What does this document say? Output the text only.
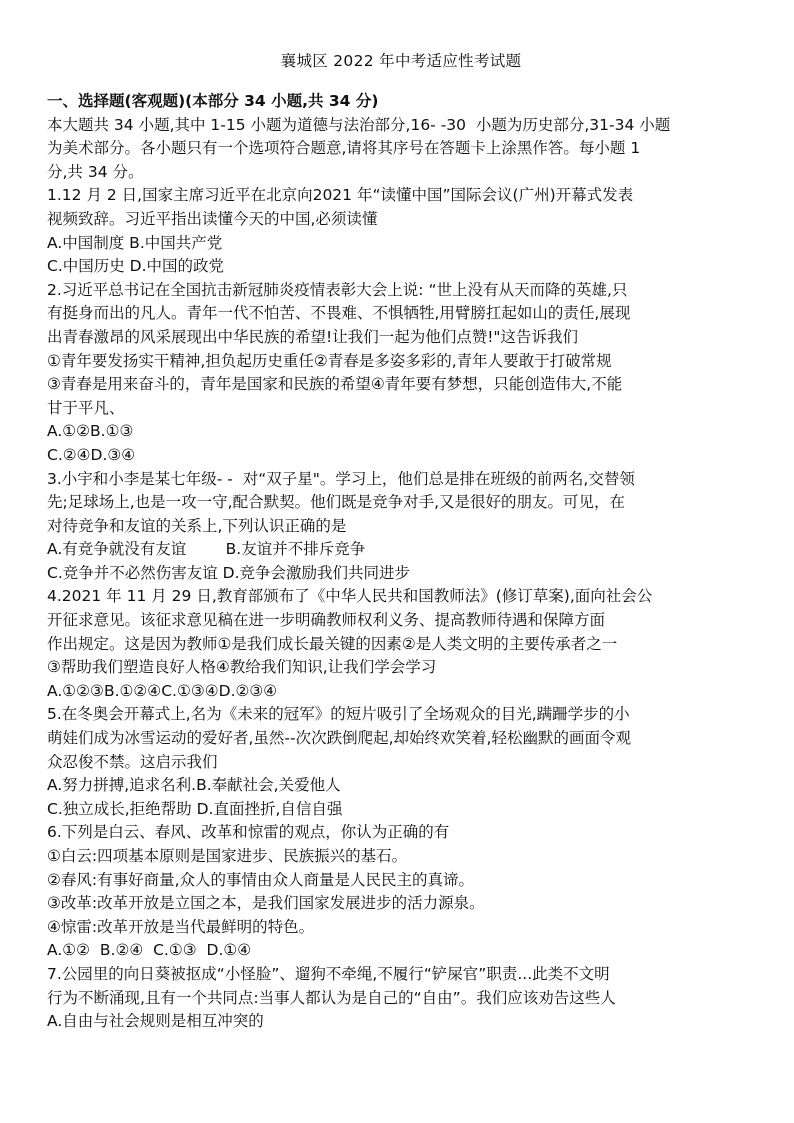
襄城区 2022 年中考适应性考试题
一、选择题(客观题)(本部分 34 小题,共 34 分)
本大题共 34 小题,其中 1-15 小题为道德与法治部分,16- -30  小题为历史部分,31-34 小题
为美术部分。各小题只有一个选项符合题意,请将其序号在答题卡上涂黑作答。每小题 1
分,共 34 分。
1.12 月 2 日,国家主席习近平在北京向2021 年“读懂中国”国际会议(广州)开幕式发表
视频致辞。习近平指出读懂今天的中国,必须读懂
A.中国制度 B.中国共产党
C.中国历史 D.中国的政党
2.习近平总书记在全国抗击新冠肺炎疫情表彰大会上说: “世上没有从天而降的英雄,只
有挺身而出的凡人。青年一代不怕苦、不畏难、不惧牺牲,用臂膀扛起如山的责任,展现
出青春激昂的风采展现出中华民族的希望!让我们一起为他们点赞!"这告诉我们
①青年要发扬实干精神,担负起历史重任②青春是多姿多彩的,青年人要敢于打破常规
③青春是用来奋斗的，青年是国家和民族的希望④青年要有梦想，只能创造伟大,不能
甘于平凡、
A.①②B.①③
C.②④D.③④
3.小宇和小李是某七年级- -  对“双子星"。学习上，他们总是排在班级的前两名,交替领
先;足球场上,也是一攻一守,配合默契。他们既是竞争对手,又是很好的朋友。可见，在
对待竞争和友谊的关系上,下列认识正确的是
A.有竞争就没有友谊        B.友谊并不排斥竞争
C.竞争并不必然伤害友谊 D.竞争会激励我们共同进步
4.2021 年 11 月 29 日,教育部颁布了《中华人民共和国教师法》(修订草案),面向社会公
开征求意见。该征求意见稿在进一步明确教师权利义务、提高教师待遇和保障方面
作出规定。这是因为教师①是我们成长最关键的因素②是人类文明的主要传承者之一
③帮助我们塑造良好人格④教给我们知识,让我们学会学习
A.①②③B.①②④C.①③④D.②③④
5.在冬奥会开幕式上,名为《未来的冠军》的短片吸引了全场观众的目光,蹒跚学步的小
萌娃们成为冰雪运动的爱好者,虽然--次次跌倒爬起,却始终欢笑着,轻松幽默的画面令观
众忍俊不禁。这启示我们
A.努力拼搏,追求名利.B.奉献社会,关爱他人
C.独立成长,拒绝帮助 D.直面挫折,自信自强
6.下列是白云、春风、改革和惊雷的观点，你认为正确的有
①白云:四项基本原则是国家进步、民族振兴的基石。
②春风:有事好商量,众人的事情由众人商量是人民民主的真谛。
③改革:改革开放是立国之本，是我们国家发展进步的活力源泉。
④惊雷:改革开放是当代最鲜明的特色。
A.①②  B.②④  C.①③  D.①④
7.公园里的向日葵被抠成“小怪脸”、遛狗不牵绳,不履行“铲屎官”职责...此类不文明
行为不断涌现,且有一个共同点:当事人都认为是自己的“自由”。我们应该劝告这些人
A.自由与社会规则是相互冲突的
